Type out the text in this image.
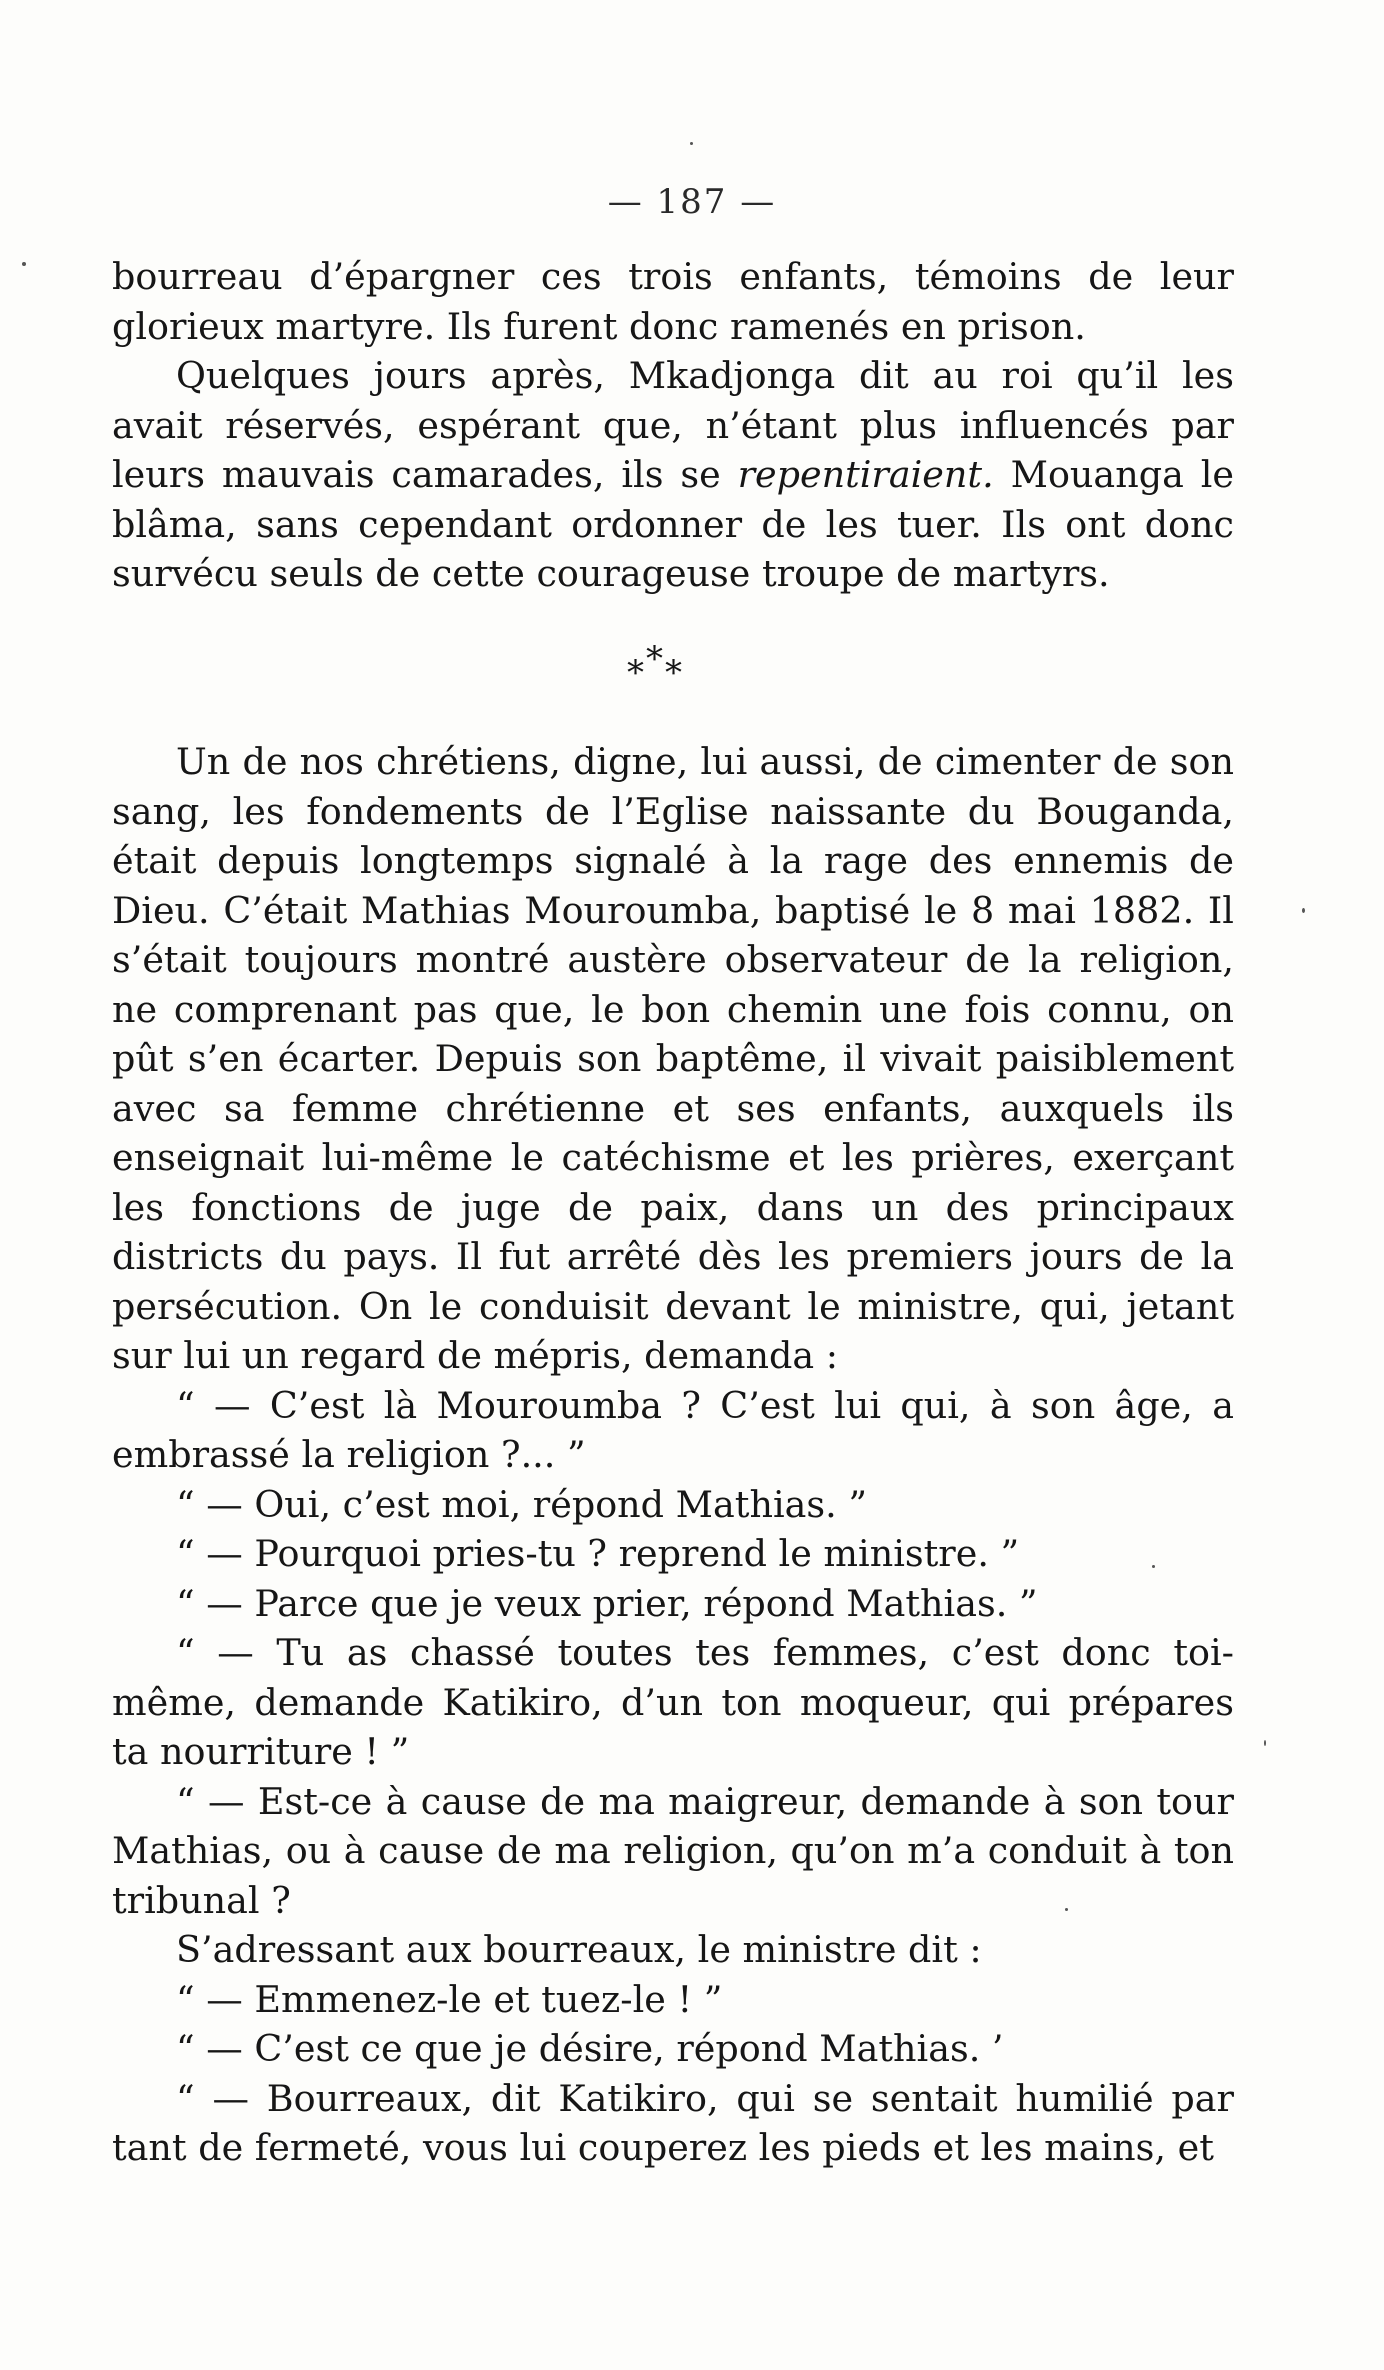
— 187 —

bourreau d’épargner ces trois enfants, témoins de leur glorieux martyre. Ils furent donc ramenés en prison.

Quelques jours après, Mkadjonga dit au roi qu’il les avait réservés, espérant que, n’étant plus influencés par leurs mauvais camarades, ils se repentiraient. Mouanga le blâma, sans cependant ordonner de les tuer. Ils ont donc survécu seuls de cette courageuse troupe de martyrs.

*
* *

Un de nos chrétiens, digne, lui aussi, de cimenter de son sang, les fondements de l’Eglise naissante du Bouganda, était depuis longtemps signalé à la rage des ennemis de Dieu. C’était Mathias Mouroumba, baptisé le 8 mai 1882. Il s’était toujours montré austère observateur de la religion, ne comprenant pas que, le bon chemin une fois connu, on pût s’en écarter. Depuis son baptême, il vivait paisiblement avec sa femme chrétienne et ses enfants, auxquels ils enseignait lui-même le catéchisme et les prières, exerçant les fonctions de juge de paix, dans un des principaux districts du pays. Il fut arrêté dès les premiers jours de la persécution. On le conduisit devant le ministre, qui, jetant sur lui un regard de mépris, demanda :

“ — C’est là Mouroumba ? C’est lui qui, à son âge, a embrassé la religion ?... ”

“ — Oui, c’est moi, répond Mathias. ”

“ — Pourquoi pries-tu ? reprend le ministre. ”

“ — Parce que je veux prier, répond Mathias. ”

“ — Tu as chassé toutes tes femmes, c’est donc toi-même, demande Katikiro, d’un ton moqueur, qui prépares ta nourriture ! ”

“ — Est-ce à cause de ma maigreur, demande à son tour Mathias, ou à cause de ma religion, qu’on m’a conduit à ton tribunal ?

S’adressant aux bourreaux, le ministre dit :

“ — Emmenez-le et tuez-le ! ”

“ — C’est ce que je désire, répond Mathias. ’

“ — Bourreaux, dit Katikiro, qui se sentait humilié par tant de fermeté, vous lui couperez les pieds et les mains, et
